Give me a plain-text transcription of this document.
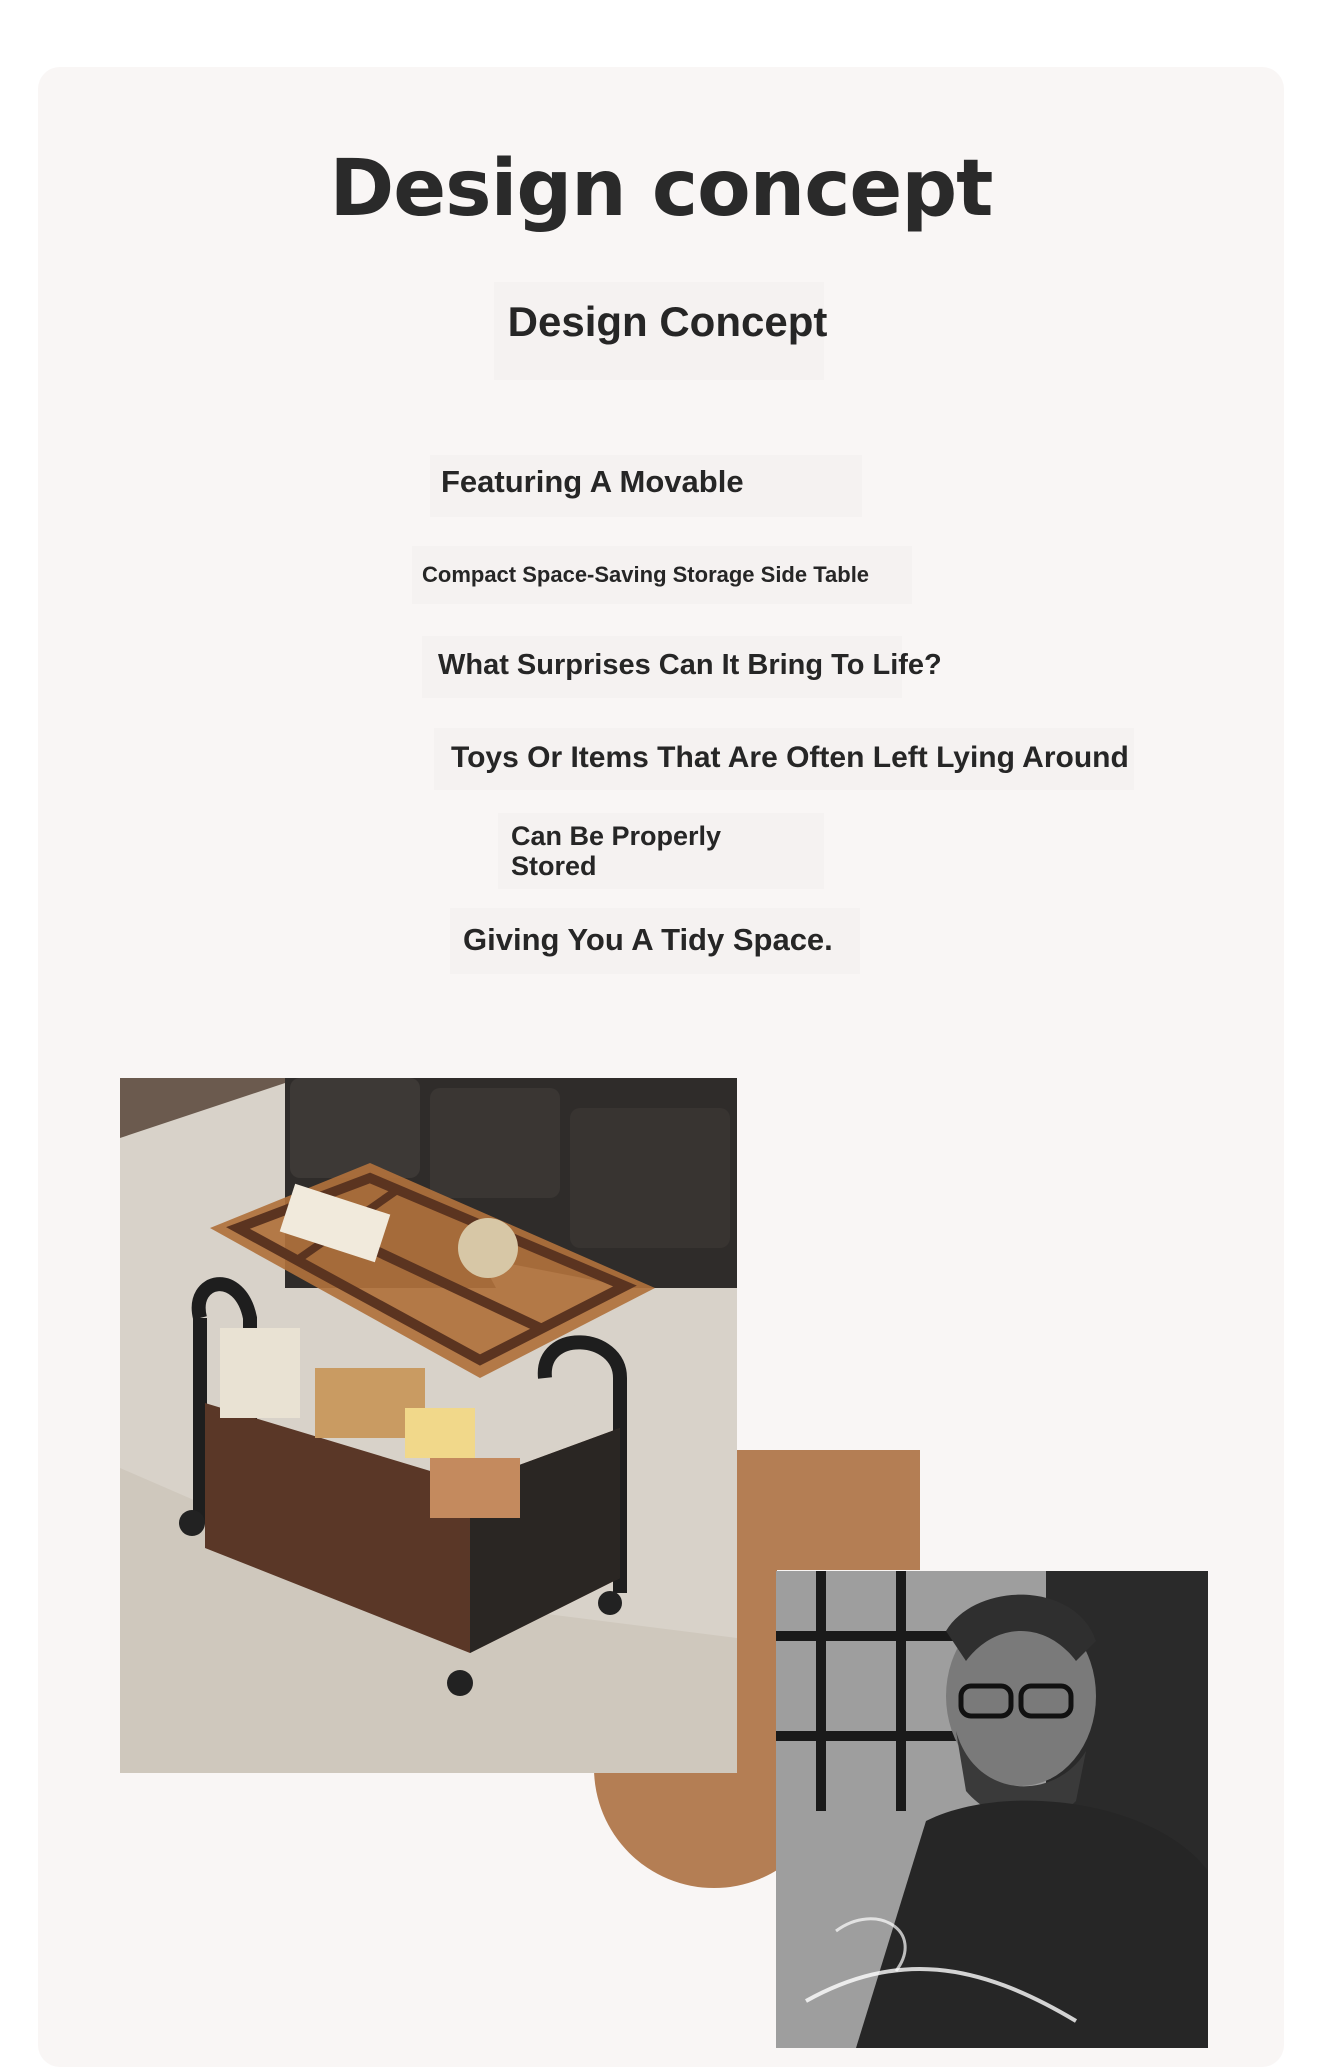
Design concept
Design Concept

Featuring A Movable

Compact Space-Saving Storage Side Table

What Surprises Can It Bring To Life?

Toys Or Items That Are Often Left Lying Around

Can Be Properly Stored

Giving You A Tidy Space.
